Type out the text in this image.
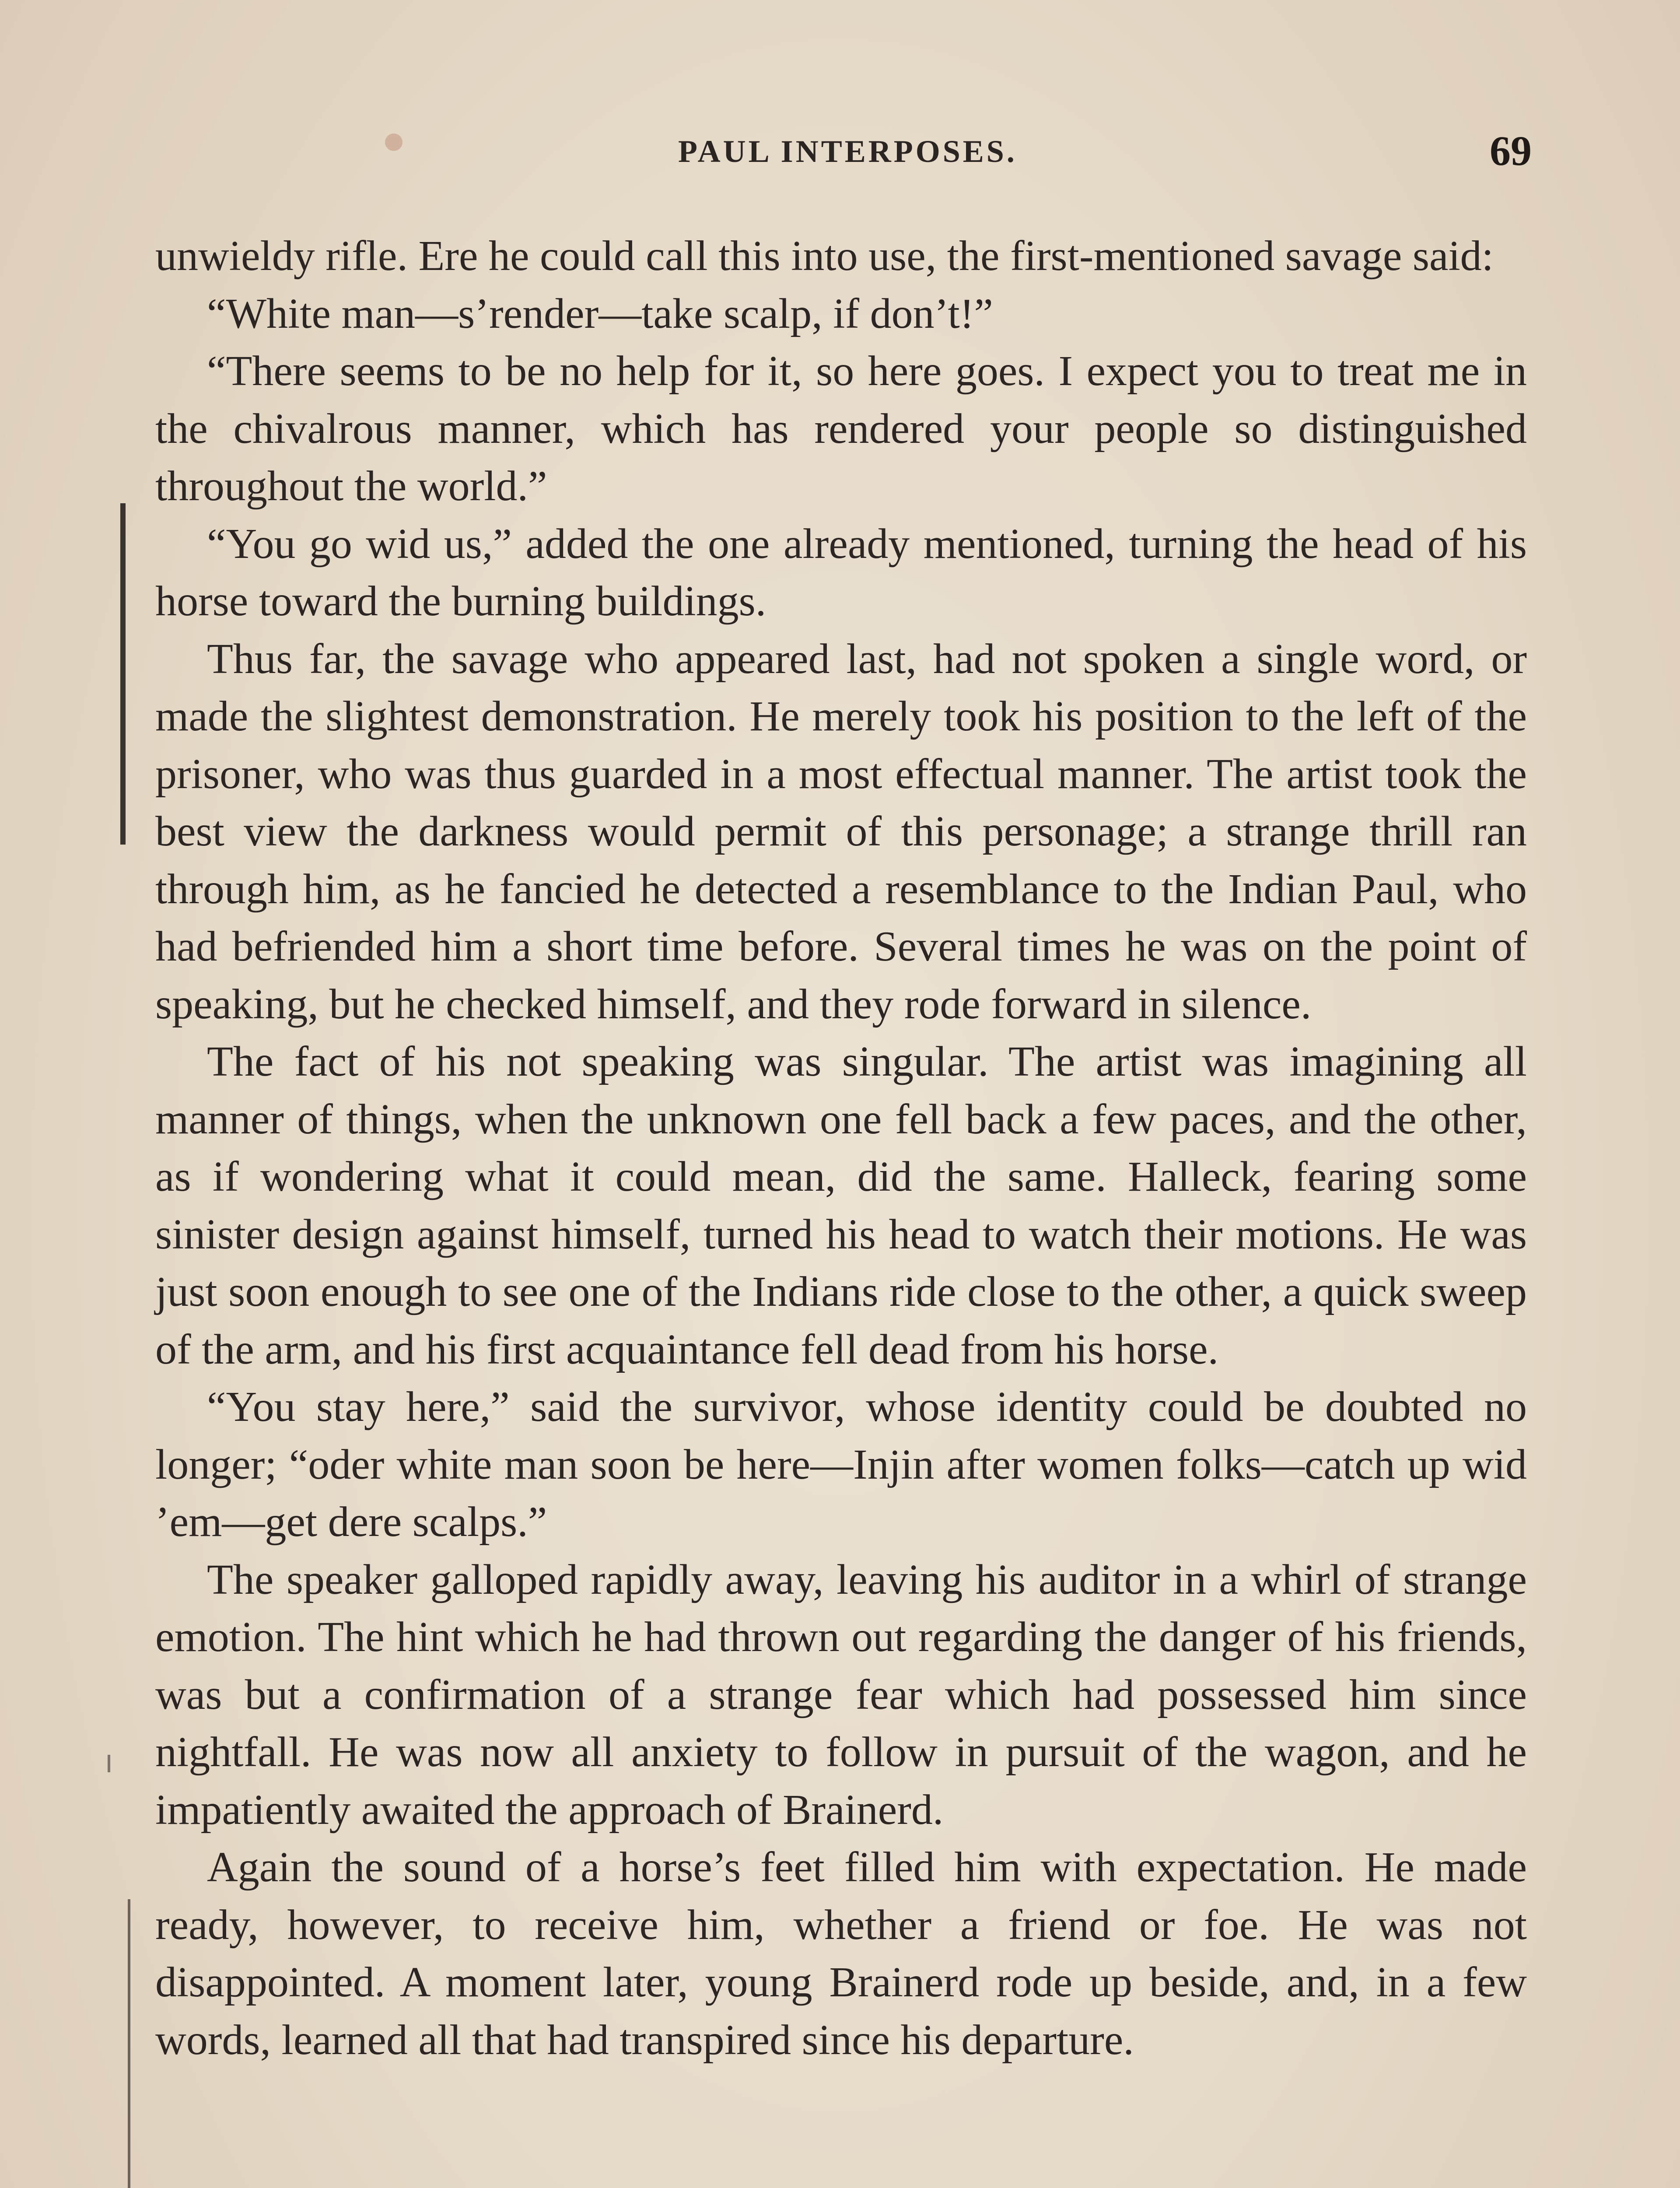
PAUL INTERPOSES.	69

unwieldy rifle. Ere he could call this into use, the first-mentioned savage said:

“White man—s’render—take scalp, if don’t!”

“There seems to be no help for it, so here goes. I expect you to treat me in the chivalrous manner, which has rendered your people so distinguished throughout the world.”

“You go wid us,” added the one already mentioned, turning the head of his horse toward the burning buildings.

Thus far, the savage who appeared last, had not spoken a single word, or made the slightest demonstration. He merely took his position to the left of the prisoner, who was thus guarded in a most effectual manner. The artist took the best view the darkness would permit of this personage; a strange thrill ran through him, as he fancied he detected a resemblance to the Indian Paul, who had befriended him a short time before. Several times he was on the point of speaking, but he checked himself, and they rode forward in silence.

The fact of his not speaking was singular. The artist was imagining all manner of things, when the unknown one fell back a few paces, and the other, as if wondering what it could mean, did the same. Halleck, fearing some sinister design against himself, turned his head to watch their motions. He was just soon enough to see one of the Indians ride close to the other, a quick sweep of the arm, and his first acquaintance fell dead from his horse.

“You stay here,” said the survivor, whose identity could be doubted no longer; “oder white man soon be here—Injin after women folks—catch up wid ’em—get dere scalps.”

The speaker galloped rapidly away, leaving his auditor in a whirl of strange emotion. The hint which he had thrown out regarding the danger of his friends, was but a confirmation of a strange fear which had possessed him since nightfall. He was now all anxiety to follow in pursuit of the wagon, and he impatiently awaited the approach of Brainerd.

Again the sound of a horse’s feet filled him with expectation. He made ready, however, to receive him, whether a friend or foe. He was not disappointed. A moment later, young Brainerd rode up beside, and, in a few words, learned all that had transpired since his departure.
